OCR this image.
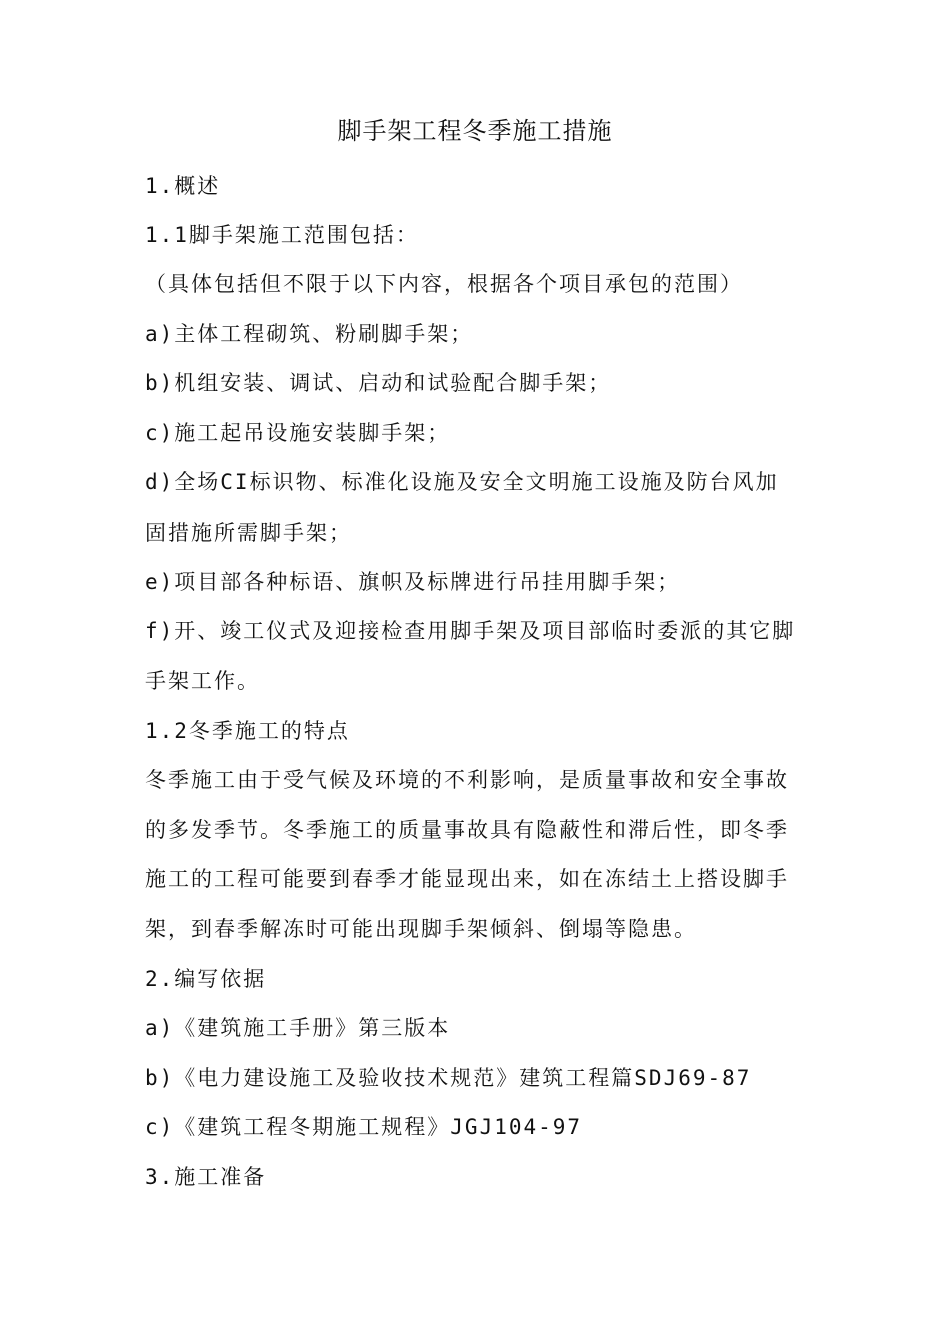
脚手架工程冬季施工措施
1.概述
1.1脚手架施工范围包括：
（具体包括但不限于以下内容，根据各个项目承包的范围）
a)主体工程砌筑、粉刷脚手架；
b)机组安装、调试、启动和试验配合脚手架；
c)施工起吊设施安装脚手架；
d)全场CI标识物、标准化设施及安全文明施工设施及防台风加
固措施所需脚手架；
e)项目部各种标语、旗帜及标牌进行吊挂用脚手架；
f)开、竣工仪式及迎接检查用脚手架及项目部临时委派的其它脚
手架工作。
1.2冬季施工的特点
冬季施工由于受气候及环境的不利影响，是质量事故和安全事故
的多发季节。冬季施工的质量事故具有隐蔽性和滞后性，即冬季
施工的工程可能要到春季才能显现出来，如在冻结土上搭设脚手
架，到春季解冻时可能出现脚手架倾斜、倒塌等隐患。
2.编写依据
a)《建筑施工手册》第三版本
b)《电力建设施工及验收技术规范》建筑工程篇SDJ69-87
c)《建筑工程冬期施工规程》JGJ104-97
3.施工准备
